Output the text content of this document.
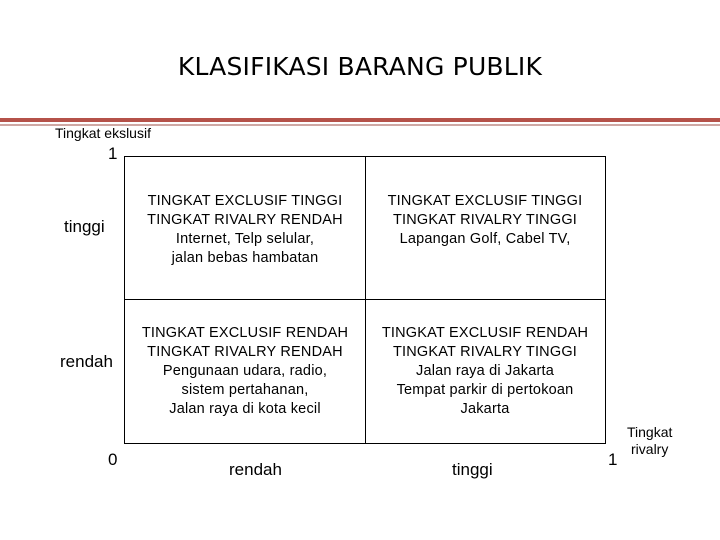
KLASIFIKASI BARANG PUBLIK
Tingkat ekslusif
1
tinggi
rendah
0
TINGKAT EXCLUSIF TINGGI
TINGKAT RIVALRY RENDAH
Internet, Telp selular,
jalan bebas hambatan
TINGKAT EXCLUSIF TINGGI
TINGKAT RIVALRY TINGGI
Lapangan Golf, Cabel TV,
TINGKAT EXCLUSIF RENDAH
TINGKAT RIVALRY RENDAH
Pengunaan udara, radio,
sistem pertahanan,
Jalan raya di kota kecil
TINGKAT EXCLUSIF RENDAH
TINGKAT RIVALRY TINGGI
Jalan raya di Jakarta
Tempat parkir di pertokoan
Jakarta
rendah	tinggi
1
Tingkat
rivalry
